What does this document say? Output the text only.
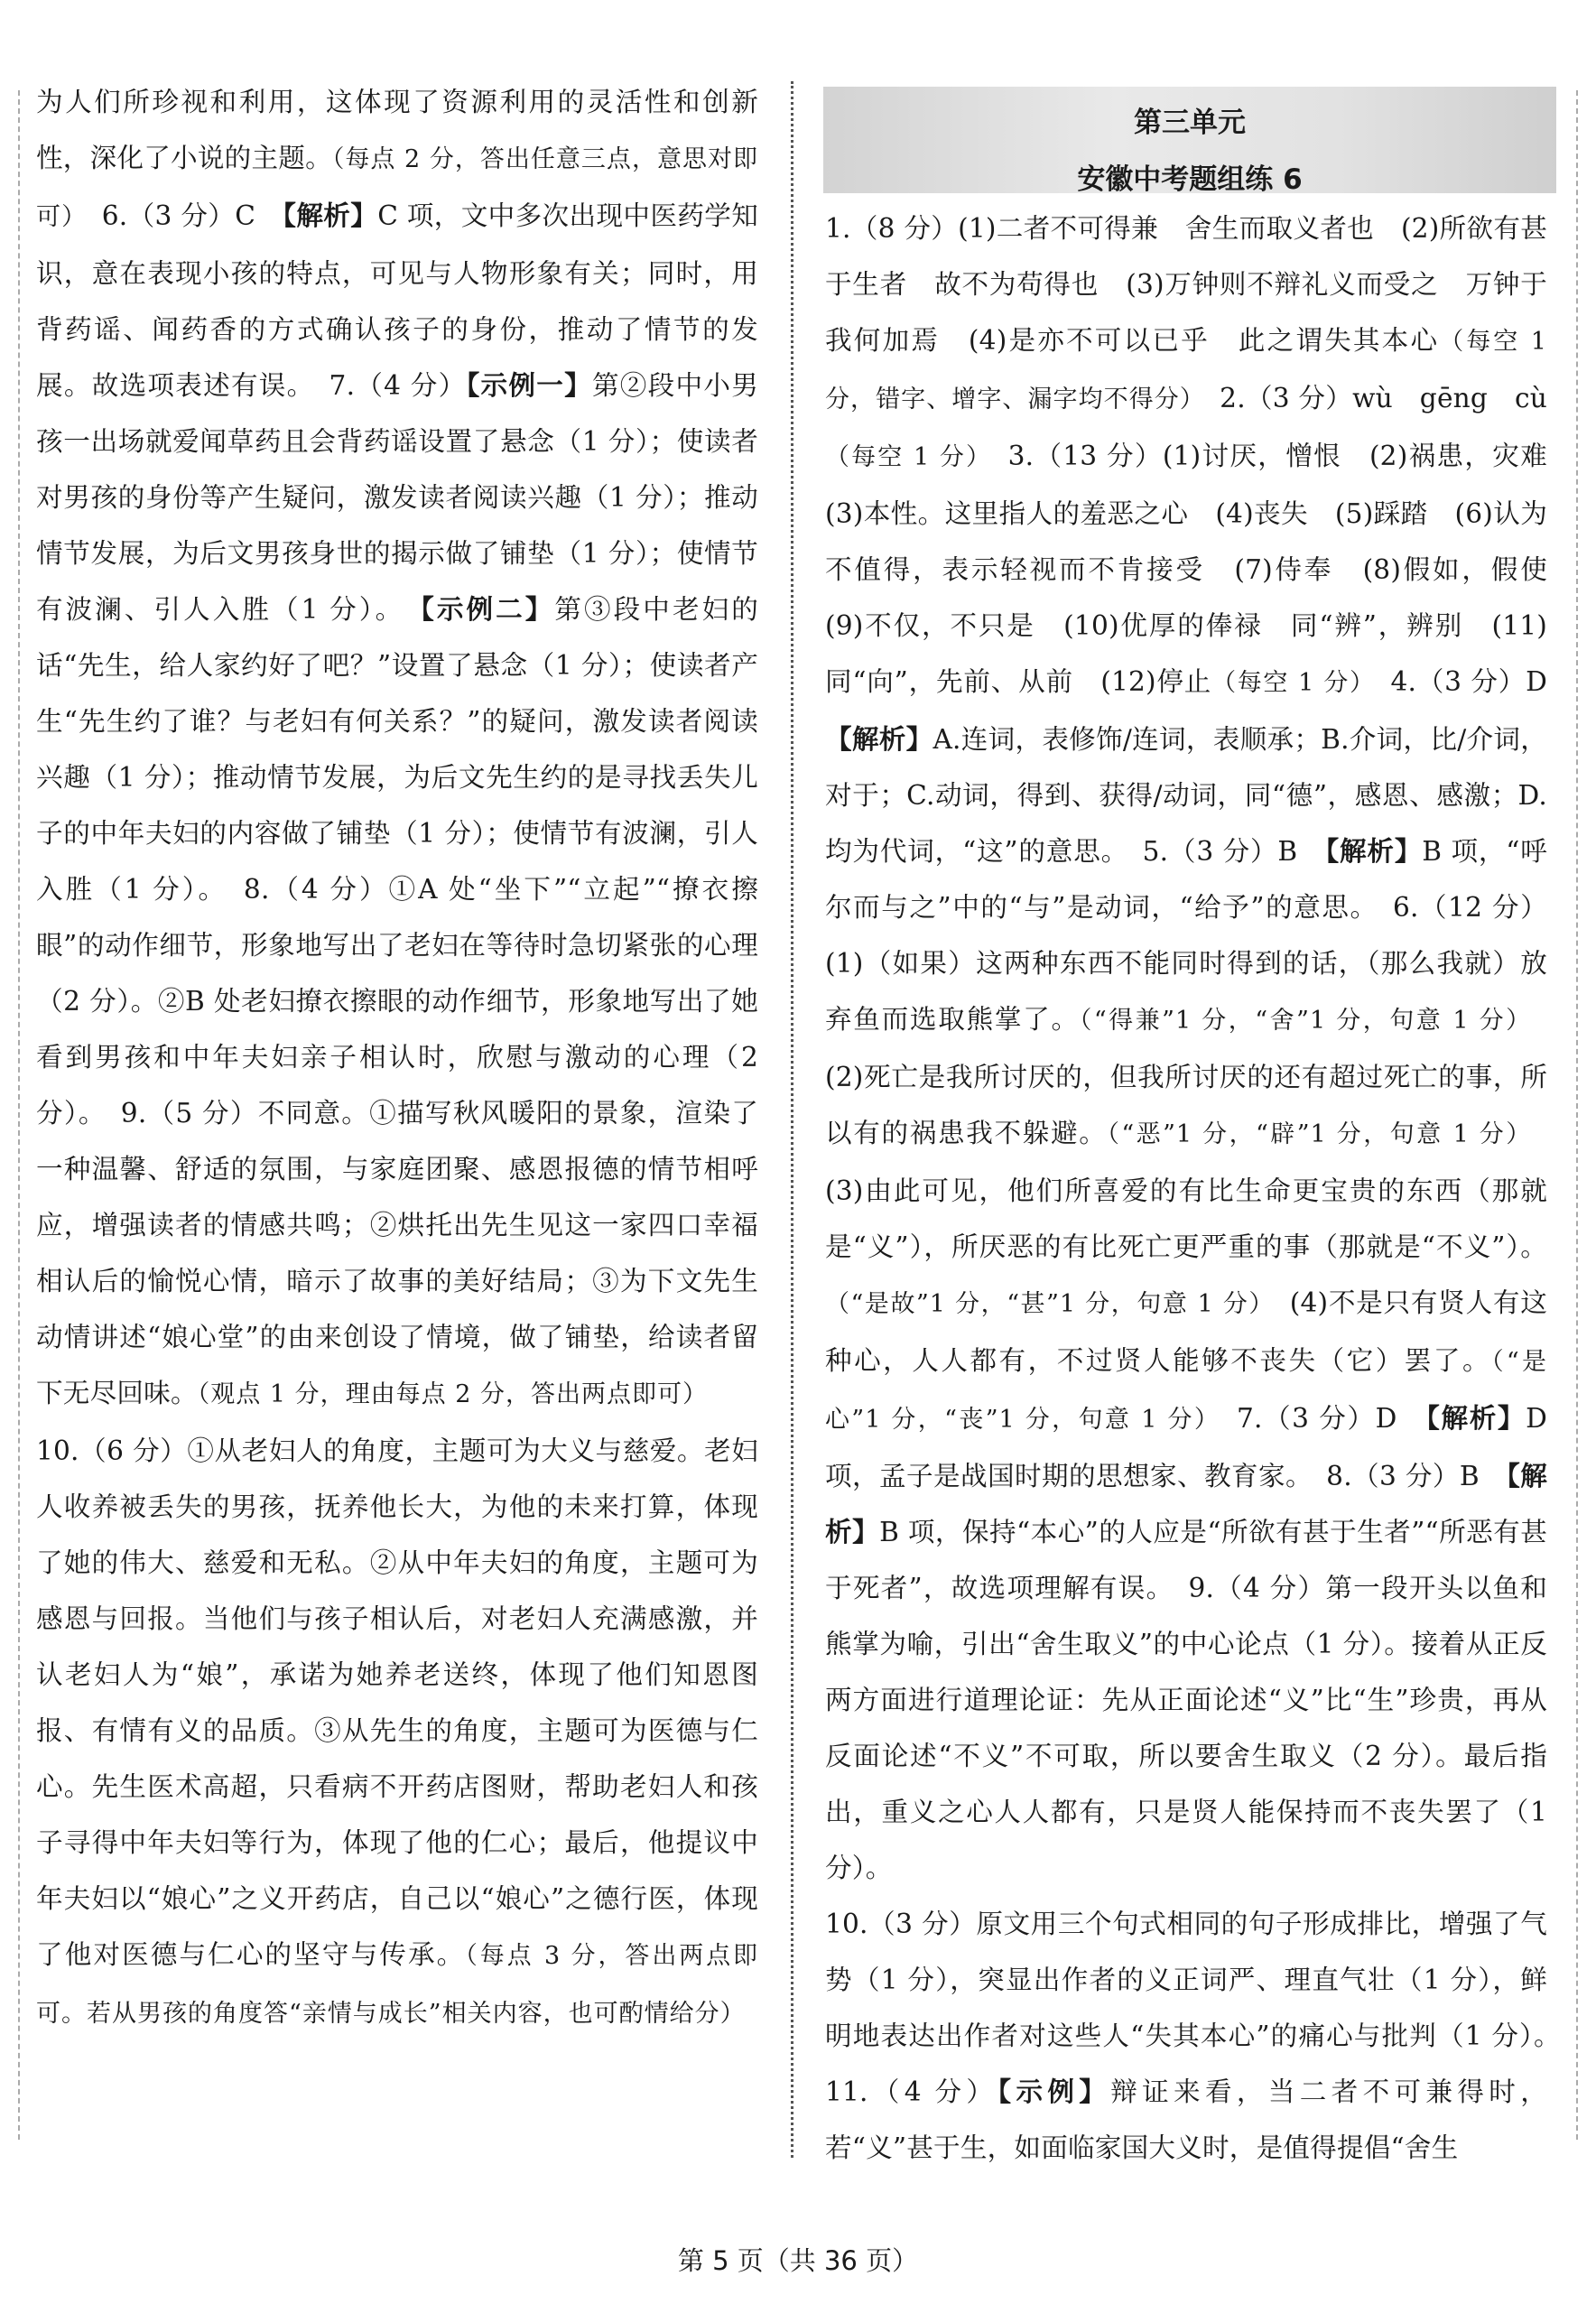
为人们所珍视和利用，这体现了资源利用的灵活性和创新性，深化了小说的主题。（每点 2 分，答出任意三点，意思对即可）　6.（3 分）C　【解析】C 项，文中多次出现中医药学知识，意在表现小孩的特点，可见与人物形象有关；同时，用背药谣、闻药香的方式确认孩子的身份，推动了情节的发展。故选项表述有误。　7.（4 分）【示例一】第②段中小男孩一出场就爱闻草药且会背药谣设置了悬念（1 分）；使读者对男孩的身份等产生疑问，激发读者阅读兴趣（1 分）；推动情节发展，为后文男孩身世的揭示做了铺垫（1 分）；使情节有波澜、引人入胜（1 分）。　【示例二】第③段中老妇的话“先生，给人家约好了吧？”设置了悬念（1 分）；使读者产生“先生约了谁？与老妇有何关系？”的疑问，激发读者阅读兴趣（1 分）；推动情节发展，为后文先生约的是寻找丢失儿子的中年夫妇的内容做了铺垫（1 分）；使情节有波澜，引人入胜（1 分）。　8.（4 分）①A 处“坐下”“立起”“撩衣擦眼”的动作细节，形象地写出了老妇在等待时急切紧张的心理（2 分）。②B 处老妇撩衣擦眼的动作细节，形象地写出了她看到男孩和中年夫妇亲子相认时，欣慰与激动的心理（2 分）。　9.（5 分）不同意。①描写秋风暖阳的景象，渲染了一种温馨、舒适的氛围，与家庭团聚、感恩报德的情节相呼应，增强读者的情感共鸣；②烘托出先生见这一家四口幸福相认后的愉悦心情，暗示了故事的美好结局；③为下文先生动情讲述“娘心堂”的由来创设了情境，做了铺垫，给读者留下无尽回味。（观点 1 分，理由每点 2 分，答出两点即可）

10.（6 分）①从老妇人的角度，主题可为大义与慈爱。老妇人收养被丢失的男孩，抚养他长大，为他的未来打算，体现了她的伟大、慈爱和无私。②从中年夫妇的角度，主题可为感恩与回报。当他们与孩子相认后，对老妇人充满感激，并认老妇人为“娘”，承诺为她养老送终，体现了他们知恩图报、有情有义的品质。③从先生的角度，主题可为医德与仁心。先生医术高超，只看病不开药店图财，帮助老妇人和孩子寻得中年夫妇等行为，体现了他的仁心；最后，他提议中年夫妇以“娘心”之义开药店，自己以“娘心”之德行医，体现了他对医德与仁心的坚守与传承。（每点 3 分，答出两点即可。若从男孩的角度答“亲情与成长”相关内容，也可酌情给分）

第三单元
安徽中考题组练 6

1.（8 分）(1)二者不可得兼　舍生而取义者也　(2)所欲有甚于生者　故不为苟得也　(3)万钟则不辩礼义而受之　万钟于我何加焉　(4)是亦不可以已乎　此之谓失其本心（每空 1 分，错字、增字、漏字均不得分）　2.（3 分）wù　gēng　cù（每空 1 分）　3.（13 分）(1)讨厌，憎恨　(2)祸患，灾难　(3)本性。这里指人的羞恶之心　(4)丧失　(5)踩踏　(6)认为不值得，表示轻视而不肯接受　(7)侍奉　(8)假如，假使　(9)不仅，不只是　(10)优厚的俸禄　同“辨”，辨别　(11)同“向”，先前、从前　(12)停止（每空 1 分）　4.（3 分）D　【解析】A.连词，表修饰/连词，表顺承；B.介词，比/介词，对于；C.动词，得到、获得/动词，同“德”，感恩、感激；D.均为代词，“这”的意思。　5.（3 分）B　【解析】B 项，“呼尔而与之”中的“与”是动词，“给予”的意思。　6.（12 分）(1)（如果）这两种东西不能同时得到的话，（那么我就）放弃鱼而选取熊掌了。（“得兼”1 分，“舍”1 分，句意 1 分）　(2)死亡是我所讨厌的，但我所讨厌的还有超过死亡的事，所以有的祸患我不躲避。（“恶”1 分，“辟”1 分，句意 1 分）　(3)由此可见，他们所喜爱的有比生命更宝贵的东西（那就是“义”），所厌恶的有比死亡更严重的事（那就是“不义”）。（“是故”1 分，“甚”1 分，句意 1 分）　(4)不是只有贤人有这种心，人人都有，不过贤人能够不丧失（它）罢了。（“是心”1 分，“丧”1 分，句意 1 分）　7.（3 分）D　【解析】D 项，孟子是战国时期的思想家、教育家。　8.（3 分）B　【解析】B 项，保持“本心”的人应是“所欲有甚于生者”“所恶有甚于死者”，故选项理解有误。　9.（4 分）第一段开头以鱼和熊掌为喻，引出“舍生取义”的中心论点（1 分）。接着从正反两方面进行道理论证：先从正面论述“义”比“生”珍贵，再从反面论述“不义”不可取，所以要舍生取义（2 分）。最后指出，重义之心人人都有，只是贤人能保持而不丧失罢了（1 分）。

10.（3 分）原文用三个句式相同的句子形成排比，增强了气势（1 分），突显出作者的义正词严、理直气壮（1 分），鲜明地表达出作者对这些人“失其本心”的痛心与批判（1 分）。　11.（4 分）【示例】辩证来看，当二者不可兼得时，若“义”甚于生，如面临家国大义时，是值得提倡“舍生

第 5 页（共 36 页）
